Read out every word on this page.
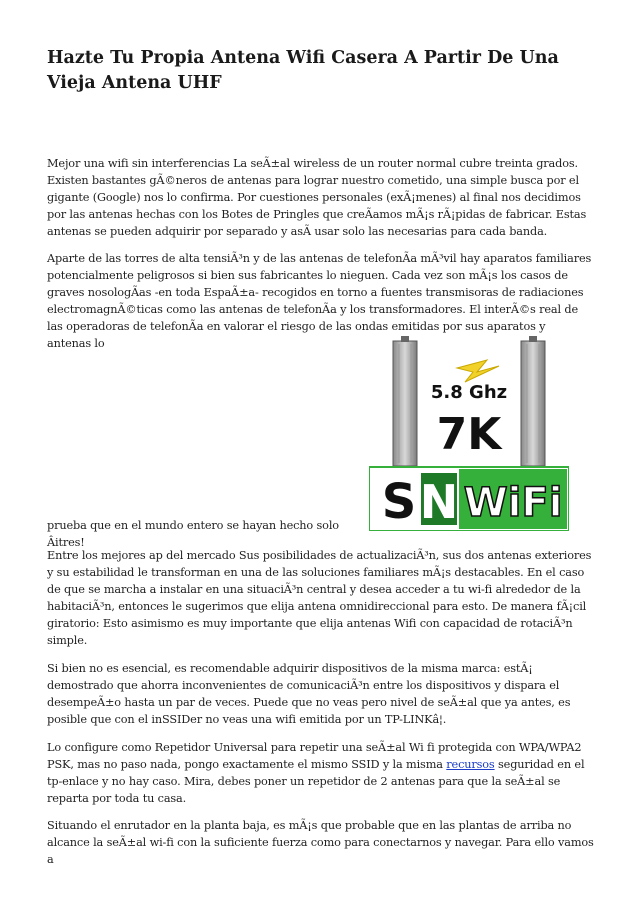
Hazte Tu Propia Antena Wifi Casera A Partir De Una Vieja Antena UHF

Mejor una wifi sin interferencias La seÃ±al wireless de un router normal cubre treinta grados. Existen bastantes gÃ©neros de antenas para lograr nuestro cometido, una simple busca por el gigante (Google) nos lo confirma. Por cuestiones personales (exÃ¡menes) al final nos decidimos por las antenas hechas con los Botes de Pringles que creÃamos mÃ¡s rÃ¡pidas de fabricar. Estas antenas se pueden adquirir por separado y asÃ usar solo las necesarias para cada banda.

Aparte de las torres de alta tensiÃ³n y de las antenas de telefonÃa mÃ³vil hay aparatos familiares potencialmente peligrosos si bien sus fabricantes lo nieguen. Cada vez son mÃ¡s los casos de graves nosologÃas -en toda EspaÃ±a- recogidos en torno a fuentes transmisoras de radiaciones electromagnÃ©ticas como las antenas de telefonÃa y los transformadores. El interÃ©s real de las operadoras de telefonÃa en valorar el riesgo de las ondas emitidas por sus aparatos y antenas lo

5.8 Ghz
7K
S N WiFi

prueba que en el mundo entero se hayan hecho solo Âitres!

Entre los mejores ap del mercado Sus posibilidades de actualizaciÃ³n, sus dos antenas exteriores y su estabilidad le transforman en una de las soluciones familiares mÃ¡s destacables. En el caso de que se marcha a instalar en una situaciÃ³n central y desea acceder a tu wi-fi alrededor de la habitaciÃ³n, entonces le sugerimos que elija antena omnidireccional para esto. De manera fÃ¡cil giratorio: Esto asimismo es muy importante que elija antenas Wifi con capacidad de rotaciÃ³n simple.

Si bien no es esencial, es recomendable adquirir dispositivos de la misma marca: estÃ¡ demostrado que ahorra inconvenientes de comunicaciÃ³n entre los dispositivos y dispara el desempeÃ±o hasta un par de veces. Puede que no veas pero nivel de seÃ±al que ya antes, es posible que con el inSSIDer no veas una wifi emitida por un TP-LINKâ¦.

Lo configure como Repetidor Universal para repetir una seÃ±al Wi fi protegida con WPA/WPA2 PSK, mas no paso nada, pongo exactamente el mismo SSID y la misma recursos seguridad en el tp-enlace y no hay caso. Mira, debes poner un repetidor de 2 antenas para que la seÃ±al se reparta por toda tu casa.

Situando el enrutador en la planta baja, es mÃ¡s que probable que en las plantas de arriba no alcance la seÃ±al wi-fi con la suficiente fuerza como para conectarnos y navegar. Para ello vamos a
